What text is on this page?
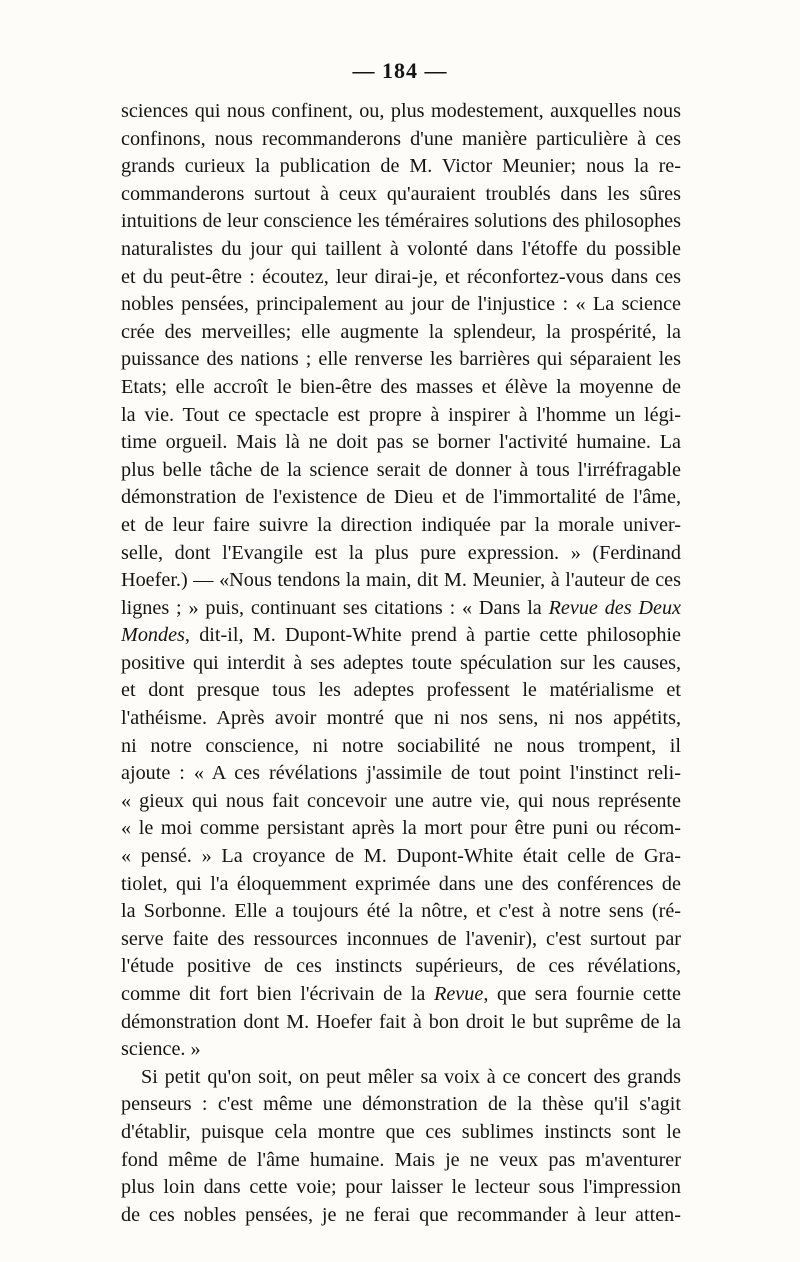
— 184 —
sciences qui nous confinent, ou, plus modestement, auxquelles nous
confinons, nous recommanderons d'une manière particulière à ces
grands curieux la publication de M. Victor Meunier; nous la re-
commanderons surtout à ceux qu'auraient troublés dans les sûres
intuitions de leur conscience les téméraires solutions des philosophes
naturalistes du jour qui taillent à volonté dans l'étoffe du possible
et du peut-être : écoutez, leur dirai-je, et réconfortez-vous dans ces
nobles pensées, principalement au jour de l'injustice : « La science
crée des merveilles; elle augmente la splendeur, la prospérité, la
puissance des nations ; elle renverse les barrières qui séparaient les
Etats; elle accroît le bien-être des masses et élève la moyenne de
la vie. Tout ce spectacle est propre à inspirer à l'homme un légi-
time orgueil. Mais là ne doit pas se borner l'activité humaine. La
plus belle tâche de la science serait de donner à tous l'irréfragable
démonstration de l'existence de Dieu et de l'immortalité de l'âme,
et de leur faire suivre la direction indiquée par la morale univer-
selle, dont l'Evangile est la plus pure expression. » (Ferdinand
Hoefer.) — «Nous tendons la main, dit M. Meunier, à l'auteur de ces
lignes ; » puis, continuant ses citations : « Dans la Revue des Deux
Mondes, dit-il, M. Dupont-White prend à partie cette philosophie
positive qui interdit à ses adeptes toute spéculation sur les causes,
et dont presque tous les adeptes professent le matérialisme et
l'athéisme. Après avoir montré que ni nos sens, ni nos appétits,
ni notre conscience, ni notre sociabilité ne nous trompent, il
ajoute : « A ces révélations j'assimile de tout point l'instinct reli-
« gieux qui nous fait concevoir une autre vie, qui nous représente
« le moi comme persistant après la mort pour être puni ou récom-
« pensé. » La croyance de M. Dupont-White était celle de Gra-
tiolet, qui l'a éloquemment exprimée dans une des conférences de
la Sorbonne. Elle a toujours été la nôtre, et c'est à notre sens (ré-
serve faite des ressources inconnues de l'avenir), c'est surtout par
l'étude positive de ces instincts supérieurs, de ces révélations,
comme dit fort bien l'écrivain de la Revue, que sera fournie cette
démonstration dont M. Hoefer fait à bon droit le but suprême de la
science. »
Si petit qu'on soit, on peut mêler sa voix à ce concert des grands
penseurs : c'est même une démonstration de la thèse qu'il s'agit
d'établir, puisque cela montre que ces sublimes instincts sont le
fond même de l'âme humaine. Mais je ne veux pas m'aventurer
plus loin dans cette voie; pour laisser le lecteur sous l'impression
de ces nobles pensées, je ne ferai que recommander à leur atten-
